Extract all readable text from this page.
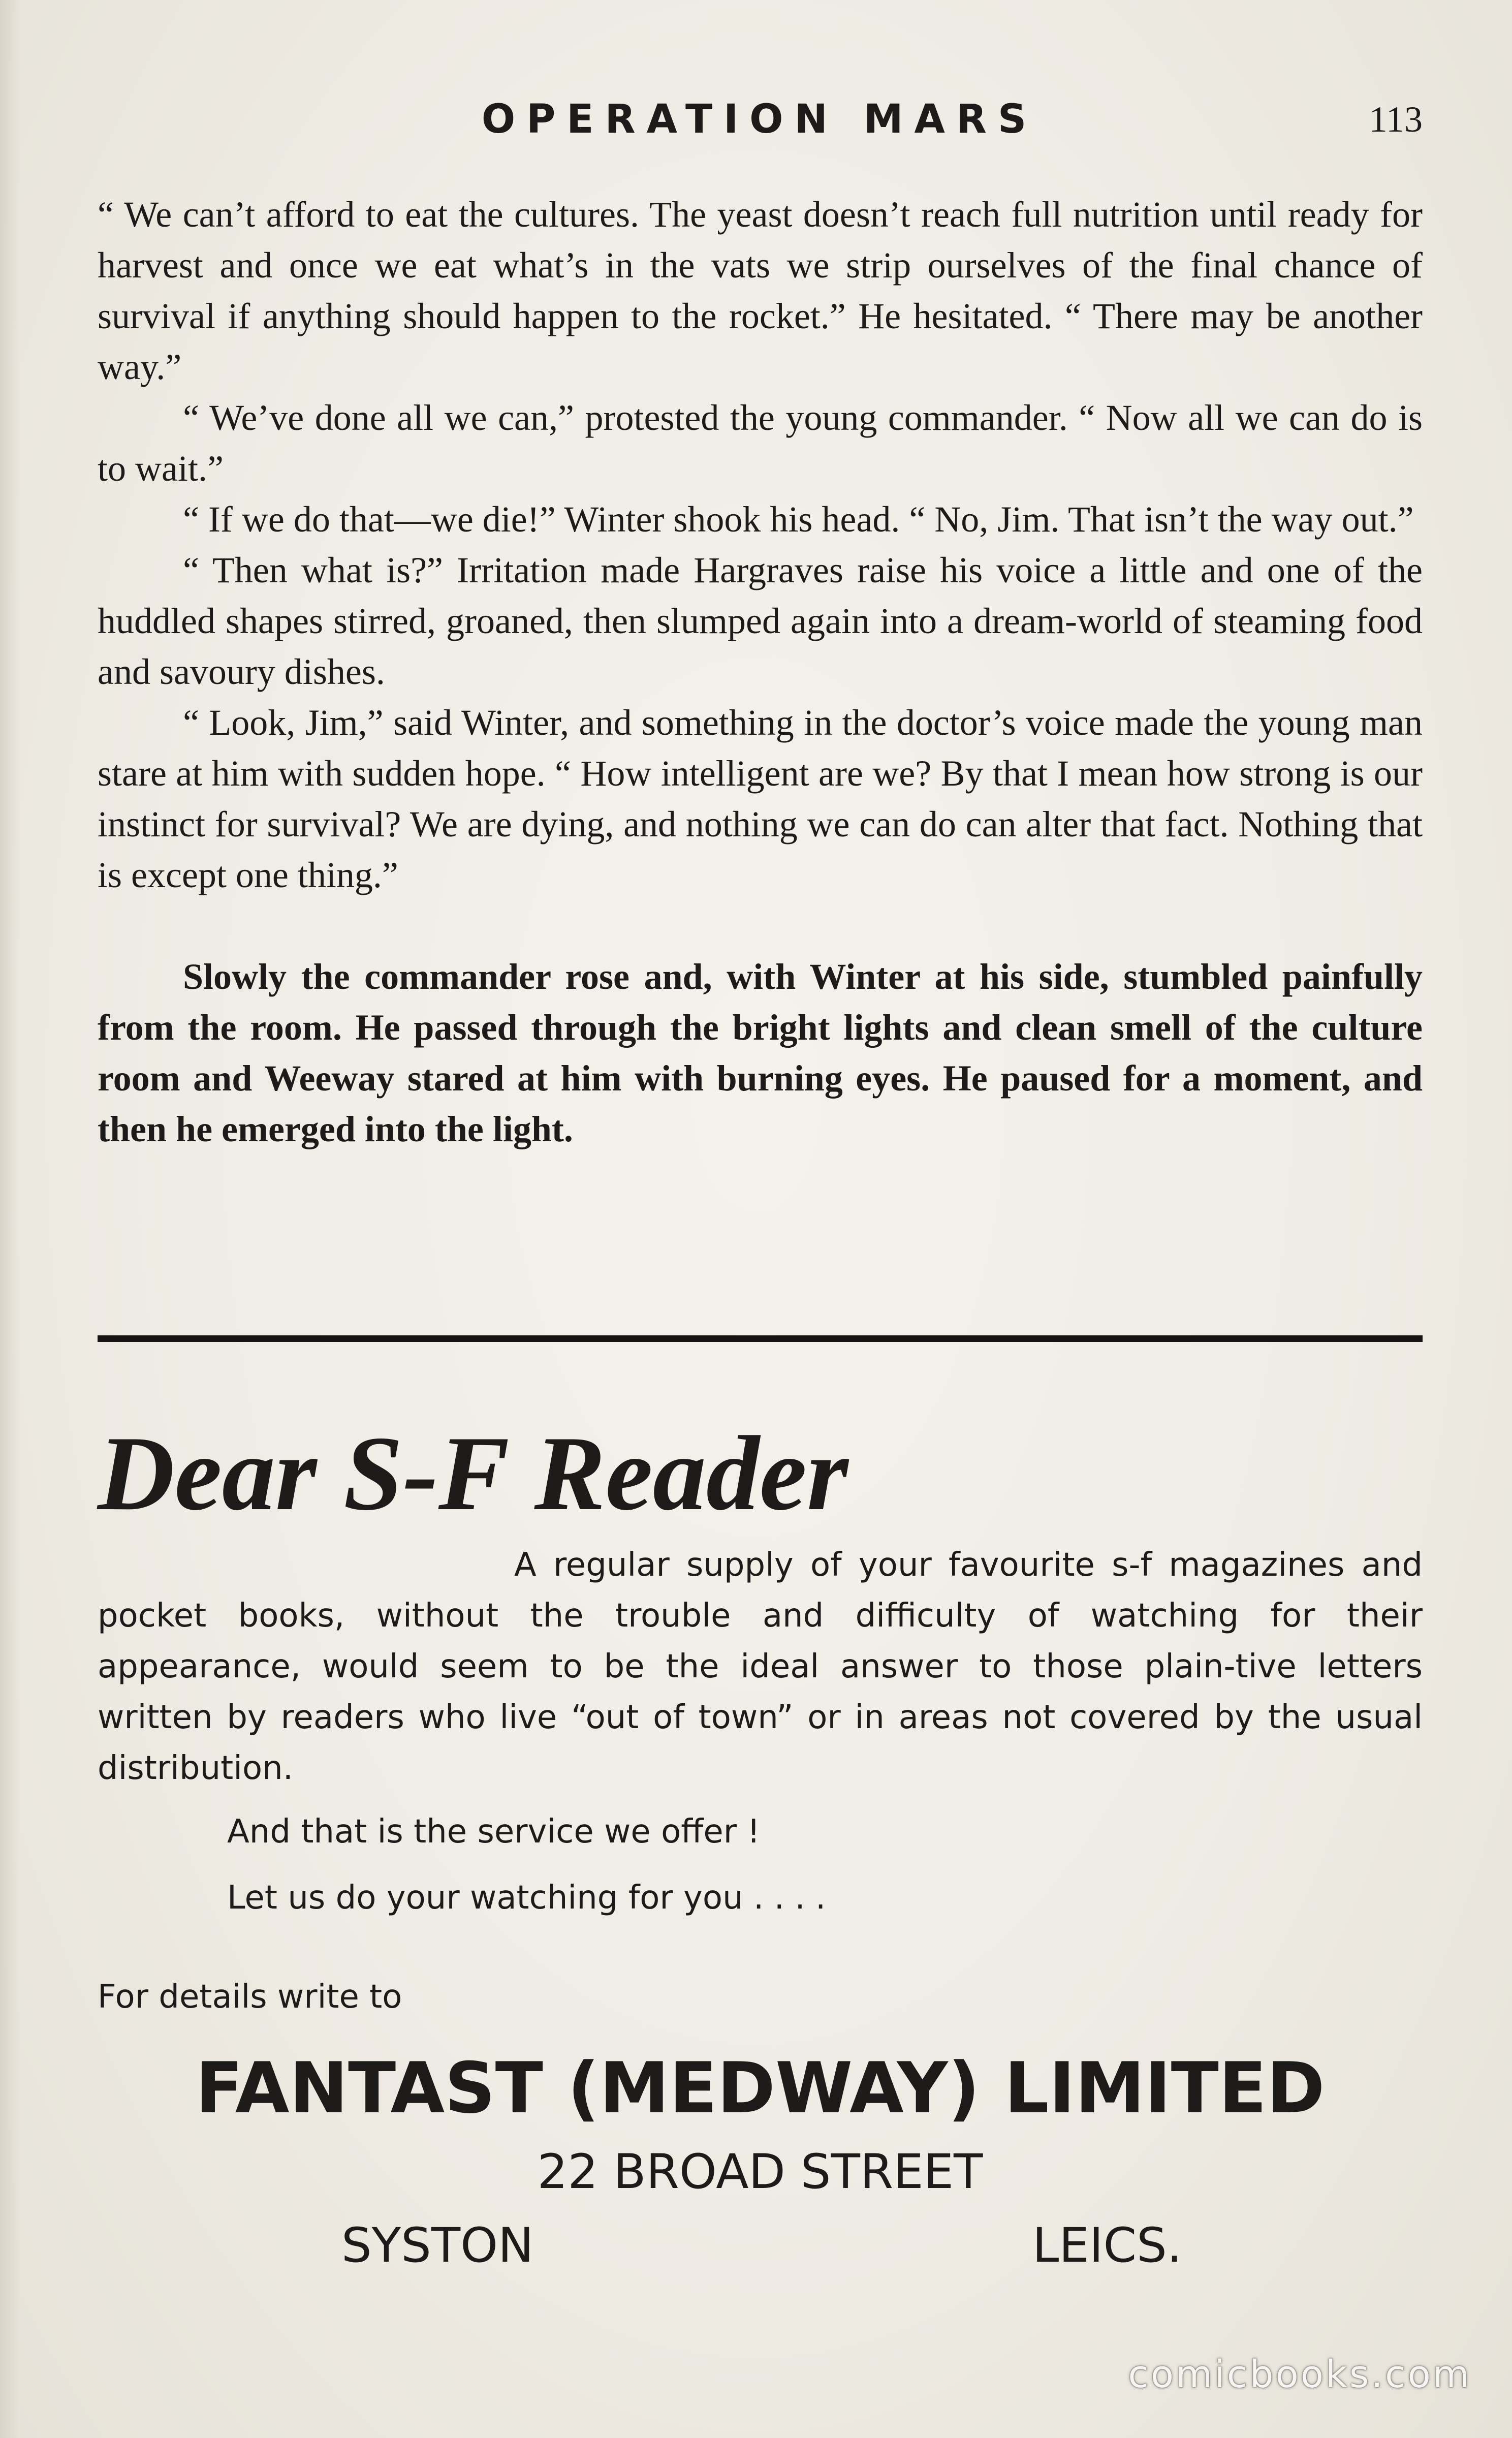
OPERATION MARS	113

“ We can’t afford to eat the cultures. The yeast doesn’t reach full nutrition until ready for harvest and once we eat what’s in the vats we strip ourselves of the final chance of survival if anything should happen to the rocket.” He hesitated. “ There may be another way.”

“ We’ve done all we can,” protested the young commander. “ Now all we can do is to wait.”

“ If we do that—we die!” Winter shook his head. “ No, Jim. That isn’t the way out.”

“ Then what is?” Irritation made Hargraves raise his voice a little and one of the huddled shapes stirred, groaned, then slumped again into a dream-world of steaming food and savoury dishes.

“ Look, Jim,” said Winter, and something in the doctor’s voice made the young man stare at him with sudden hope. “ How intelligent are we? By that I mean how strong is our instinct for survival? We are dying, and nothing we can do can alter that fact. Nothing that is except one thing.”

Slowly the commander rose and, with Winter at his side, stumbled painfully from the room. He passed through the bright lights and clean smell of the culture room and Weeway stared at him with burning eyes. He paused for a moment, and then he emerged into the light.

Dear S-F Reader

A regular supply of your favourite s-f magazines and pocket books, without the trouble and difficulty of watching for their appearance, would seem to be the ideal answer to those plain-tive letters written by readers who live “out of town” or in areas not covered by the usual distribution.

And that is the service we offer !

Let us do your watching for you . . . .

For details write to

FANTAST (MEDWAY) LIMITED
22 BROAD STREET
SYSTON	LEICS.
comicbooks.com
